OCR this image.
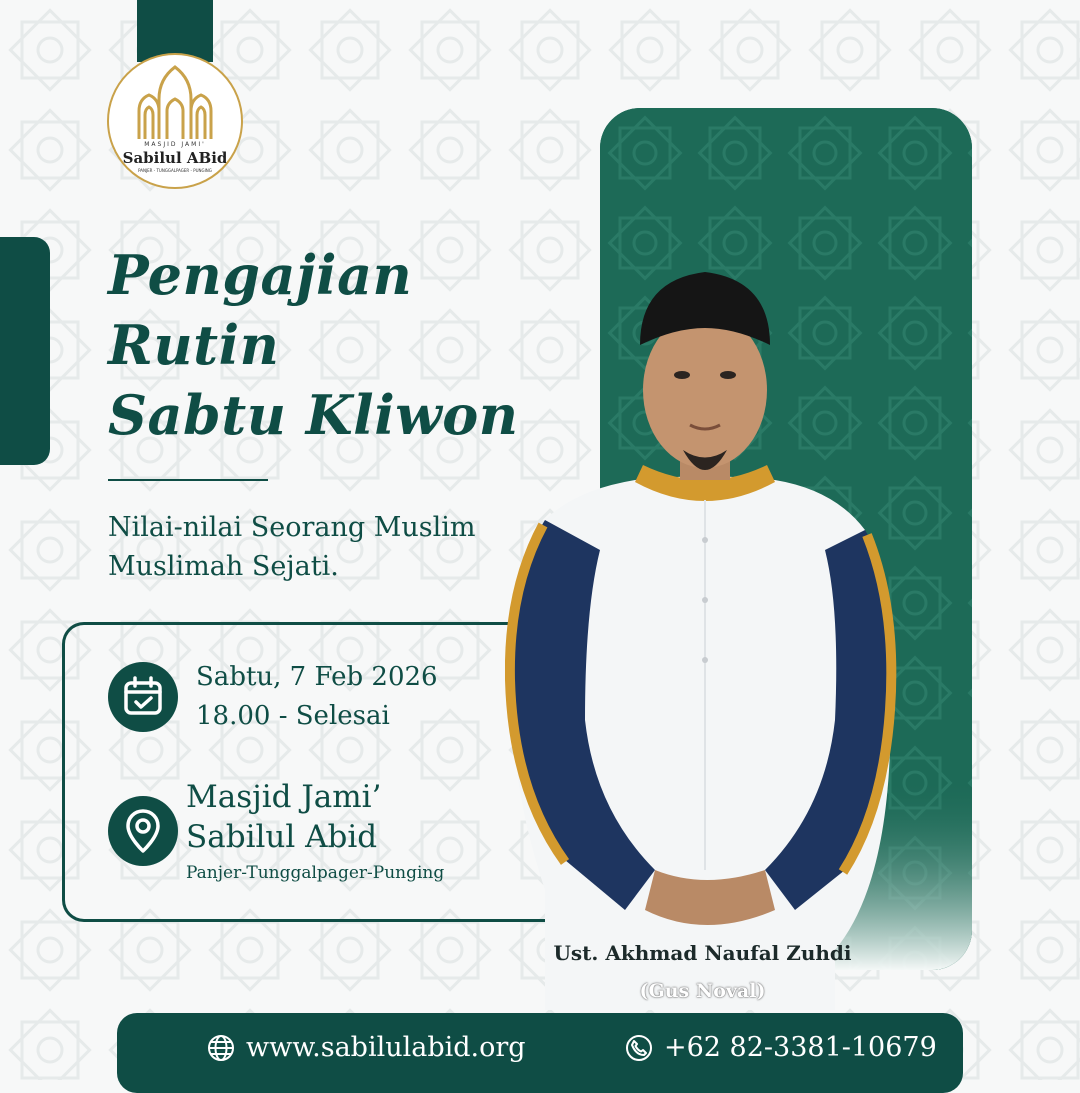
MASJID JAMI'
Sabilul ABid
PANJER - TUNGGALPAGER - PUNGING
Pengajian
Rutin
Sabtu Kliwon
Nilai-nilai Seorang Muslim
Muslimah Sejati.
Sabtu, 7 Feb 2026
18.00 - Selesai
Masjid Jami’
Sabilul Abid
Panjer-Tunggalpager-Punging
Ust. Akhmad Naufal Zuhdi
(Gus Noval)
www.sabilulabid.org	+62 82-3381-10679
